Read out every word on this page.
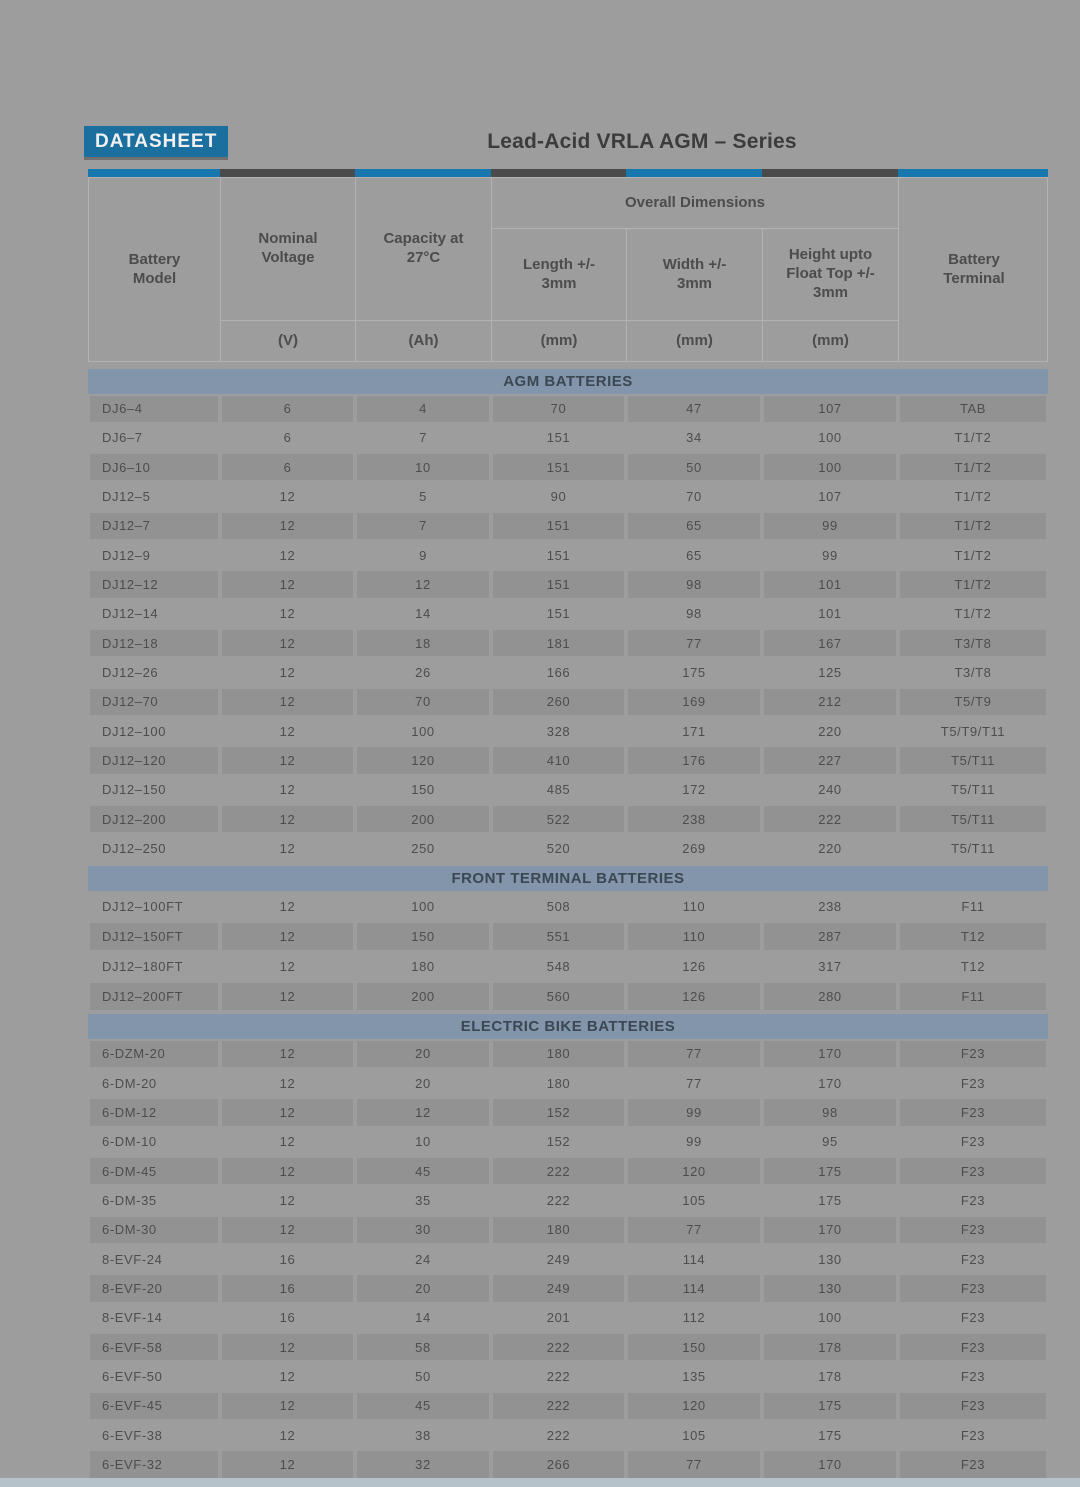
DATASHEET	Lead-Acid VRLA AGM – Series
Battery Model
Nominal Voltage
Capacity at 27°C
Overall Dimensions
Length +/- 3mm
Width +/- 3mm
Height upto Float Top +/- 3mm
Battery Terminal
(V)	(Ah)	(mm)	(mm)	(mm)
AGM BATTERIES
DJ6–4	6	4	70	47	107	TAB
DJ6–7	6	7	151	34	100	T1/T2
DJ6–10	6	10	151	50	100	T1/T2
DJ12–5	12	5	90	70	107	T1/T2
DJ12–7	12	7	151	65	99	T1/T2
DJ12–9	12	9	151	65	99	T1/T2
DJ12–12	12	12	151	98	101	T1/T2
DJ12–14	12	14	151	98	101	T1/T2
DJ12–18	12	18	181	77	167	T3/T8
DJ12–26	12	26	166	175	125	T3/T8
DJ12–70	12	70	260	169	212	T5/T9
DJ12–100	12	100	328	171	220	T5/T9/T11
DJ12–120	12	120	410	176	227	T5/T11
DJ12–150	12	150	485	172	240	T5/T11
DJ12–200	12	200	522	238	222	T5/T11
DJ12–250	12	250	520	269	220	T5/T11
FRONT TERMINAL BATTERIES
DJ12–100FT	12	100	508	110	238	F11
DJ12–150FT	12	150	551	110	287	T12
DJ12–180FT	12	180	548	126	317	T12
DJ12–200FT	12	200	560	126	280	F11
ELECTRIC BIKE BATTERIES
6-DZM-20	12	20	180	77	170	F23
6-DM-20	12	20	180	77	170	F23
6-DM-12	12	12	152	99	98	F23
6-DM-10	12	10	152	99	95	F23
6-DM-45	12	45	222	120	175	F23
6-DM-35	12	35	222	105	175	F23
6-DM-30	12	30	180	77	170	F23
8-EVF-24	16	24	249	114	130	F23
8-EVF-20	16	20	249	114	130	F23
8-EVF-14	16	14	201	112	100	F23
6-EVF-58	12	58	222	150	178	F23
6-EVF-50	12	50	222	135	178	F23
6-EVF-45	12	45	222	120	175	F23
6-EVF-38	12	38	222	105	175	F23
6-EVF-32	12	32	266	77	170	F23
